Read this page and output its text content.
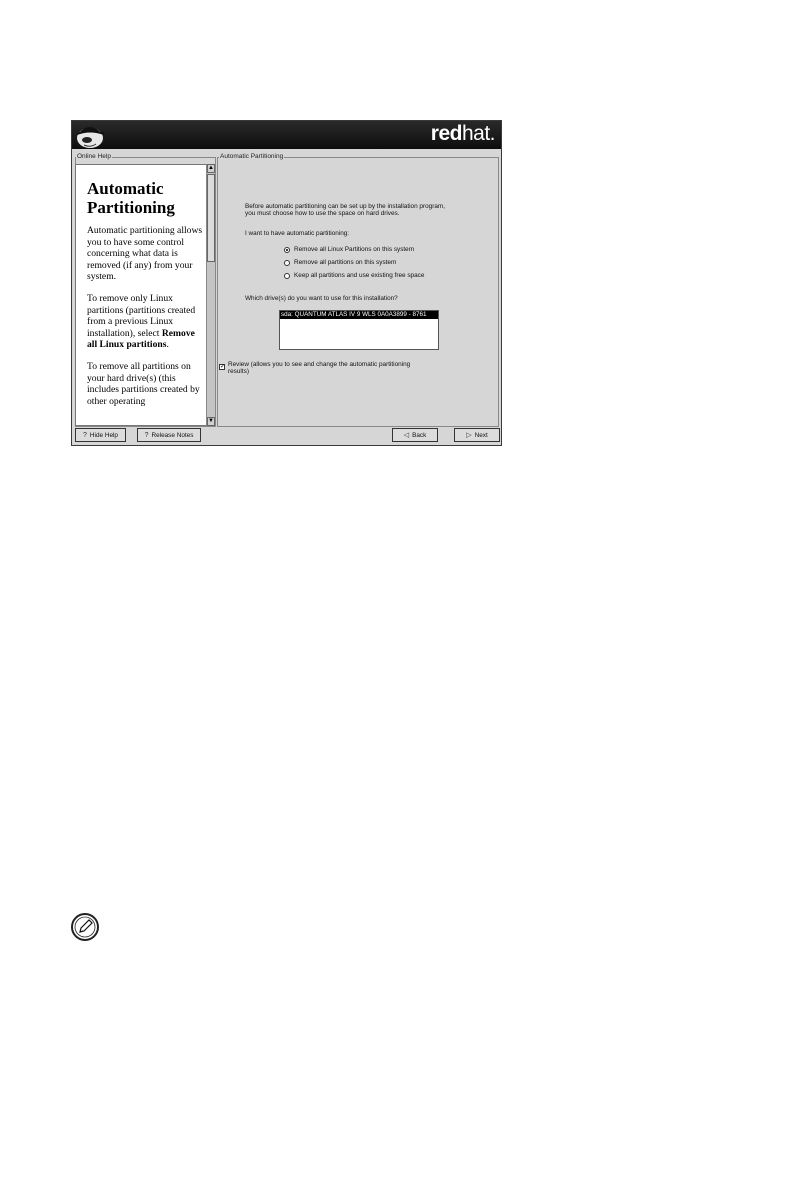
redhat.
Online Help
Automatic Partitioning

Automatic partitioning allows you to have some control concerning what data is removed (if any) from your system.

To remove only Linux partitions (partitions created from a previous Linux installation), select Remove all Linux partitions.

To remove all partitions on your hard drive(s) (this includes partitions created by other operating

▲
▼
Automatic Partitioning
Before automatic partitioning can be set up by the installation program,
you must choose how to use the space on hard drives.
I want to have automatic partitioning:
Remove all Linux Partitions on this system
Remove all partitions on this system
Keep all partitions and use existing free space
Which drive(s) do you want to use for this installation?
sda: QUANTUM ATLAS IV 9 WLS 0A0A3899 - 8761
✓ Review (allows you to see and change the automatic partitioning
results)
? Hide Help	? Release Notes	◁ Back	▷ Next
